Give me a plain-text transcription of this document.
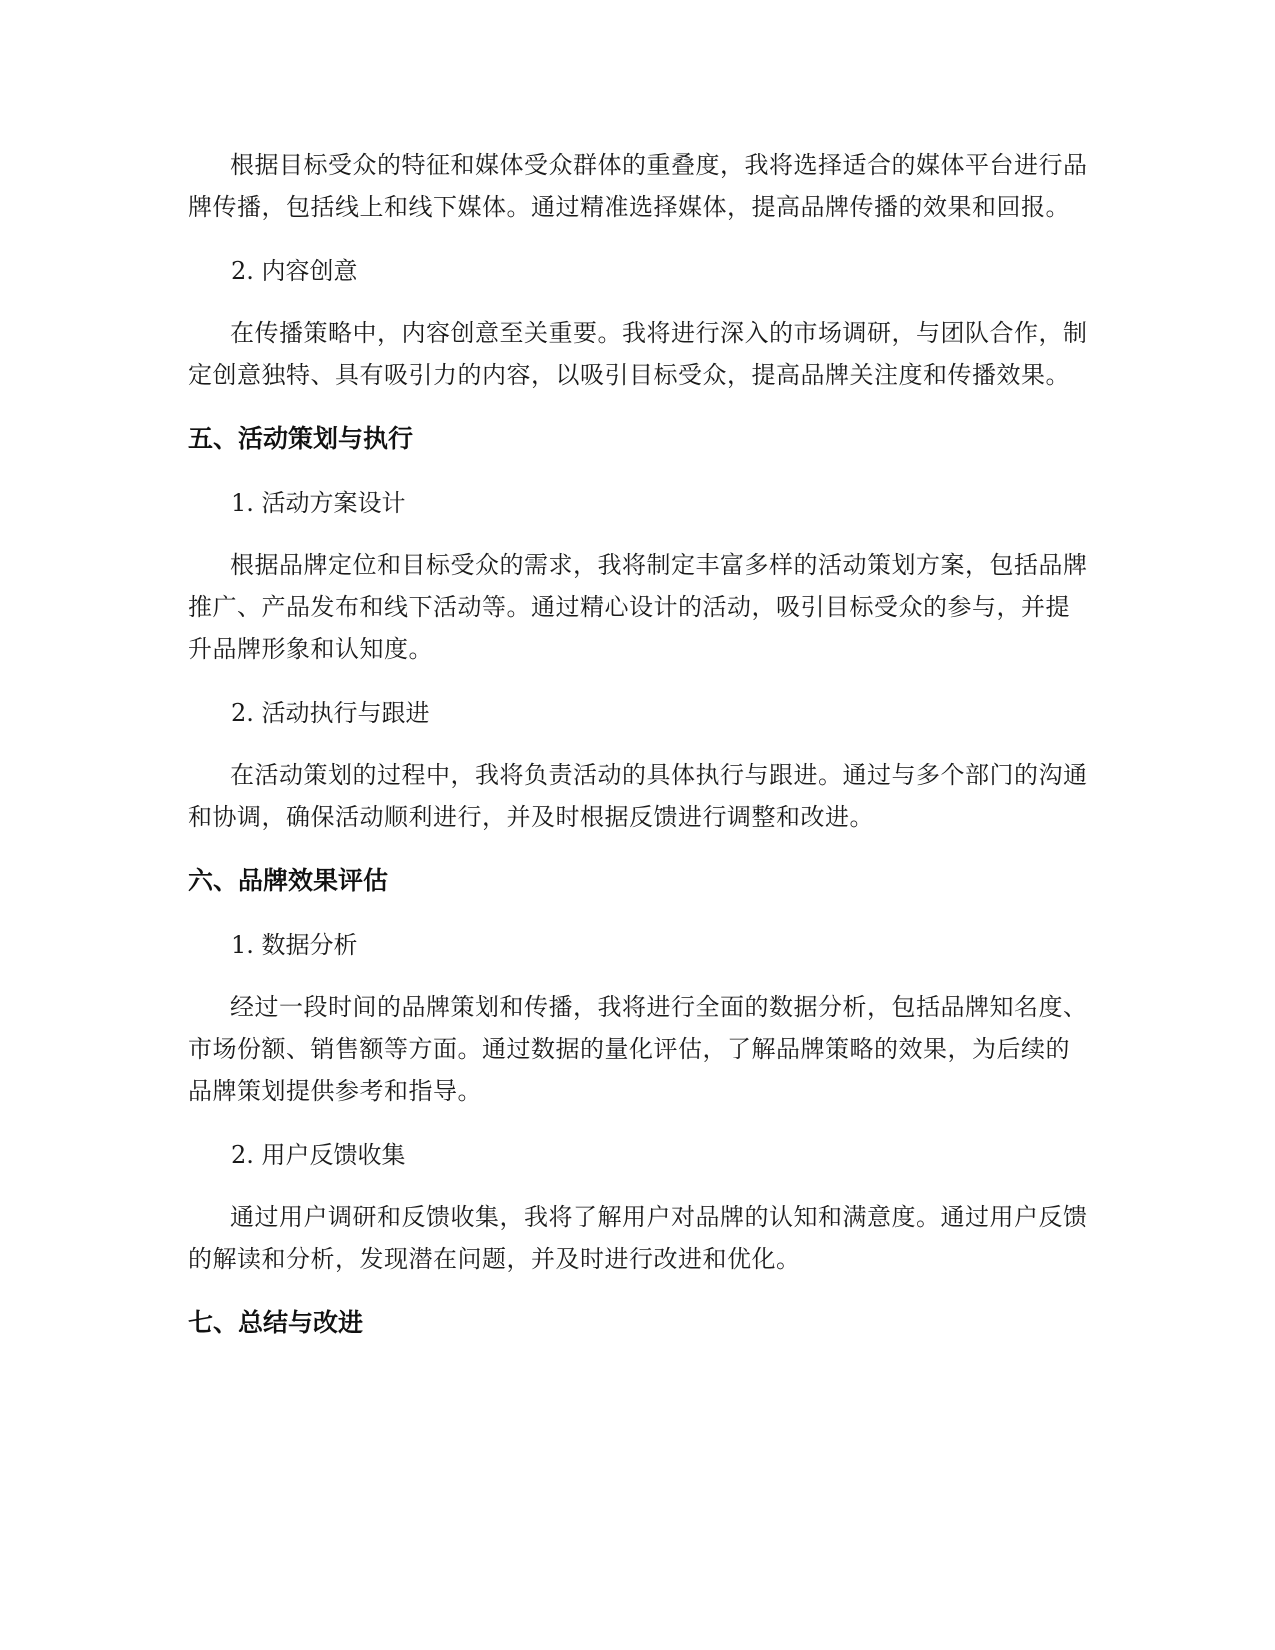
根据目标受众的特征和媒体受众群体的重叠度，我将选择适合的媒体平台进行品牌传播，包括线上和线下媒体。通过精准选择媒体，提高品牌传播的效果和回报。

2. 内容创意

在传播策略中，内容创意至关重要。我将进行深入的市场调研，与团队合作，制定创意独特、具有吸引力的内容，以吸引目标受众，提高品牌关注度和传播效果。

五、活动策划与执行

1. 活动方案设计

根据品牌定位和目标受众的需求，我将制定丰富多样的活动策划方案，包括品牌推广、产品发布和线下活动等。通过精心设计的活动，吸引目标受众的参与，并提升品牌形象和认知度。

2. 活动执行与跟进

在活动策划的过程中，我将负责活动的具体执行与跟进。通过与多个部门的沟通和协调，确保活动顺利进行，并及时根据反馈进行调整和改进。

六、品牌效果评估

1. 数据分析

经过一段时间的品牌策划和传播，我将进行全面的数据分析，包括品牌知名度、市场份额、销售额等方面。通过数据的量化评估，了解品牌策略的效果，为后续的品牌策划提供参考和指导。

2. 用户反馈收集

通过用户调研和反馈收集，我将了解用户对品牌的认知和满意度。通过用户反馈的解读和分析，发现潜在问题，并及时进行改进和优化。

七、总结与改进
